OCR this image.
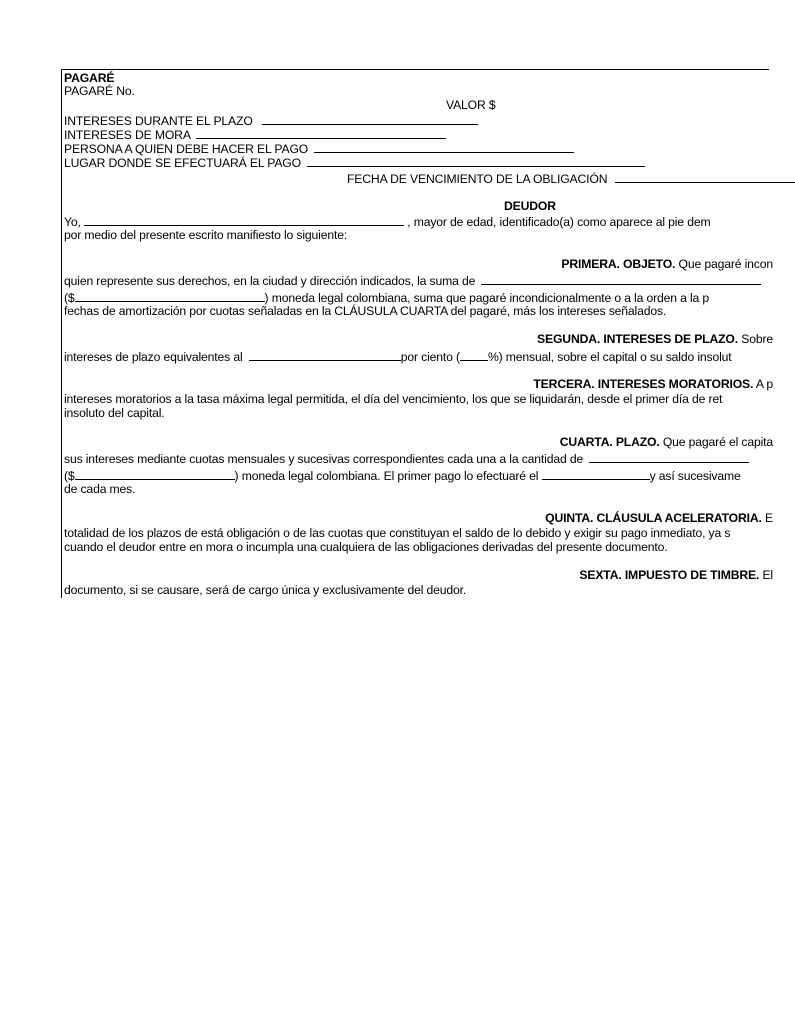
PAGARÉ
PAGARÉ No.
VALOR $
INTERESES DURANTE EL PLAZO
INTERESES DE MORA
PERSONA A QUIEN DEBE HACER EL PAGO
LUGAR DONDE SE EFECTUARÁ EL PAGO
FECHA DE VENCIMIENTO DE LA OBLIGACIÓN
DEUDOR
Yo,	, mayor de edad, identificado(a) como aparece al pie dem
por medio del presente escrito manifiesto lo siguiente:
PRIMERA. OBJETO. Que pagaré incon
quien represente sus derechos, en la ciudad y dirección indicados, la suma de
($	) moneda legal colombiana, suma que pagaré incondicionalmente o a la orden a la p
fechas de amortización por cuotas señaladas en la CLÁUSULA CUARTA del pagaré, más los intereses señalados.
SEGUNDA. INTERESES DE PLAZO. Sobre
intereses de plazo equivalentes al	por ciento ( %) mensual, sobre el capital o su saldo insolut
TERCERA. INTERESES MORATORIOS. A p
intereses moratorios a la tasa máxima legal permitida, el día del vencimiento, los que se liquidarán, desde el primer día de ret
insoluto del capital.
CUARTA. PLAZO. Que pagaré el capita
sus intereses mediante cuotas mensuales y sucesivas correspondientes cada una a la cantidad de
($	) moneda legal colombiana. El primer pago lo efectuaré el	y así sucesivame
de cada mes.
QUINTA. CLÁUSULA ACELERATORIA. E
totalidad de los plazos de está obligación o de las cuotas que constituyan el saldo de lo debido y exigir su pago inmediato, ya s
cuando el deudor entre en mora o incumpla una cualquiera de las obligaciones derivadas del presente documento.
SEXTA. IMPUESTO DE TIMBRE. El
documento, si se causare, será de cargo única y exclusivamente del deudor.
